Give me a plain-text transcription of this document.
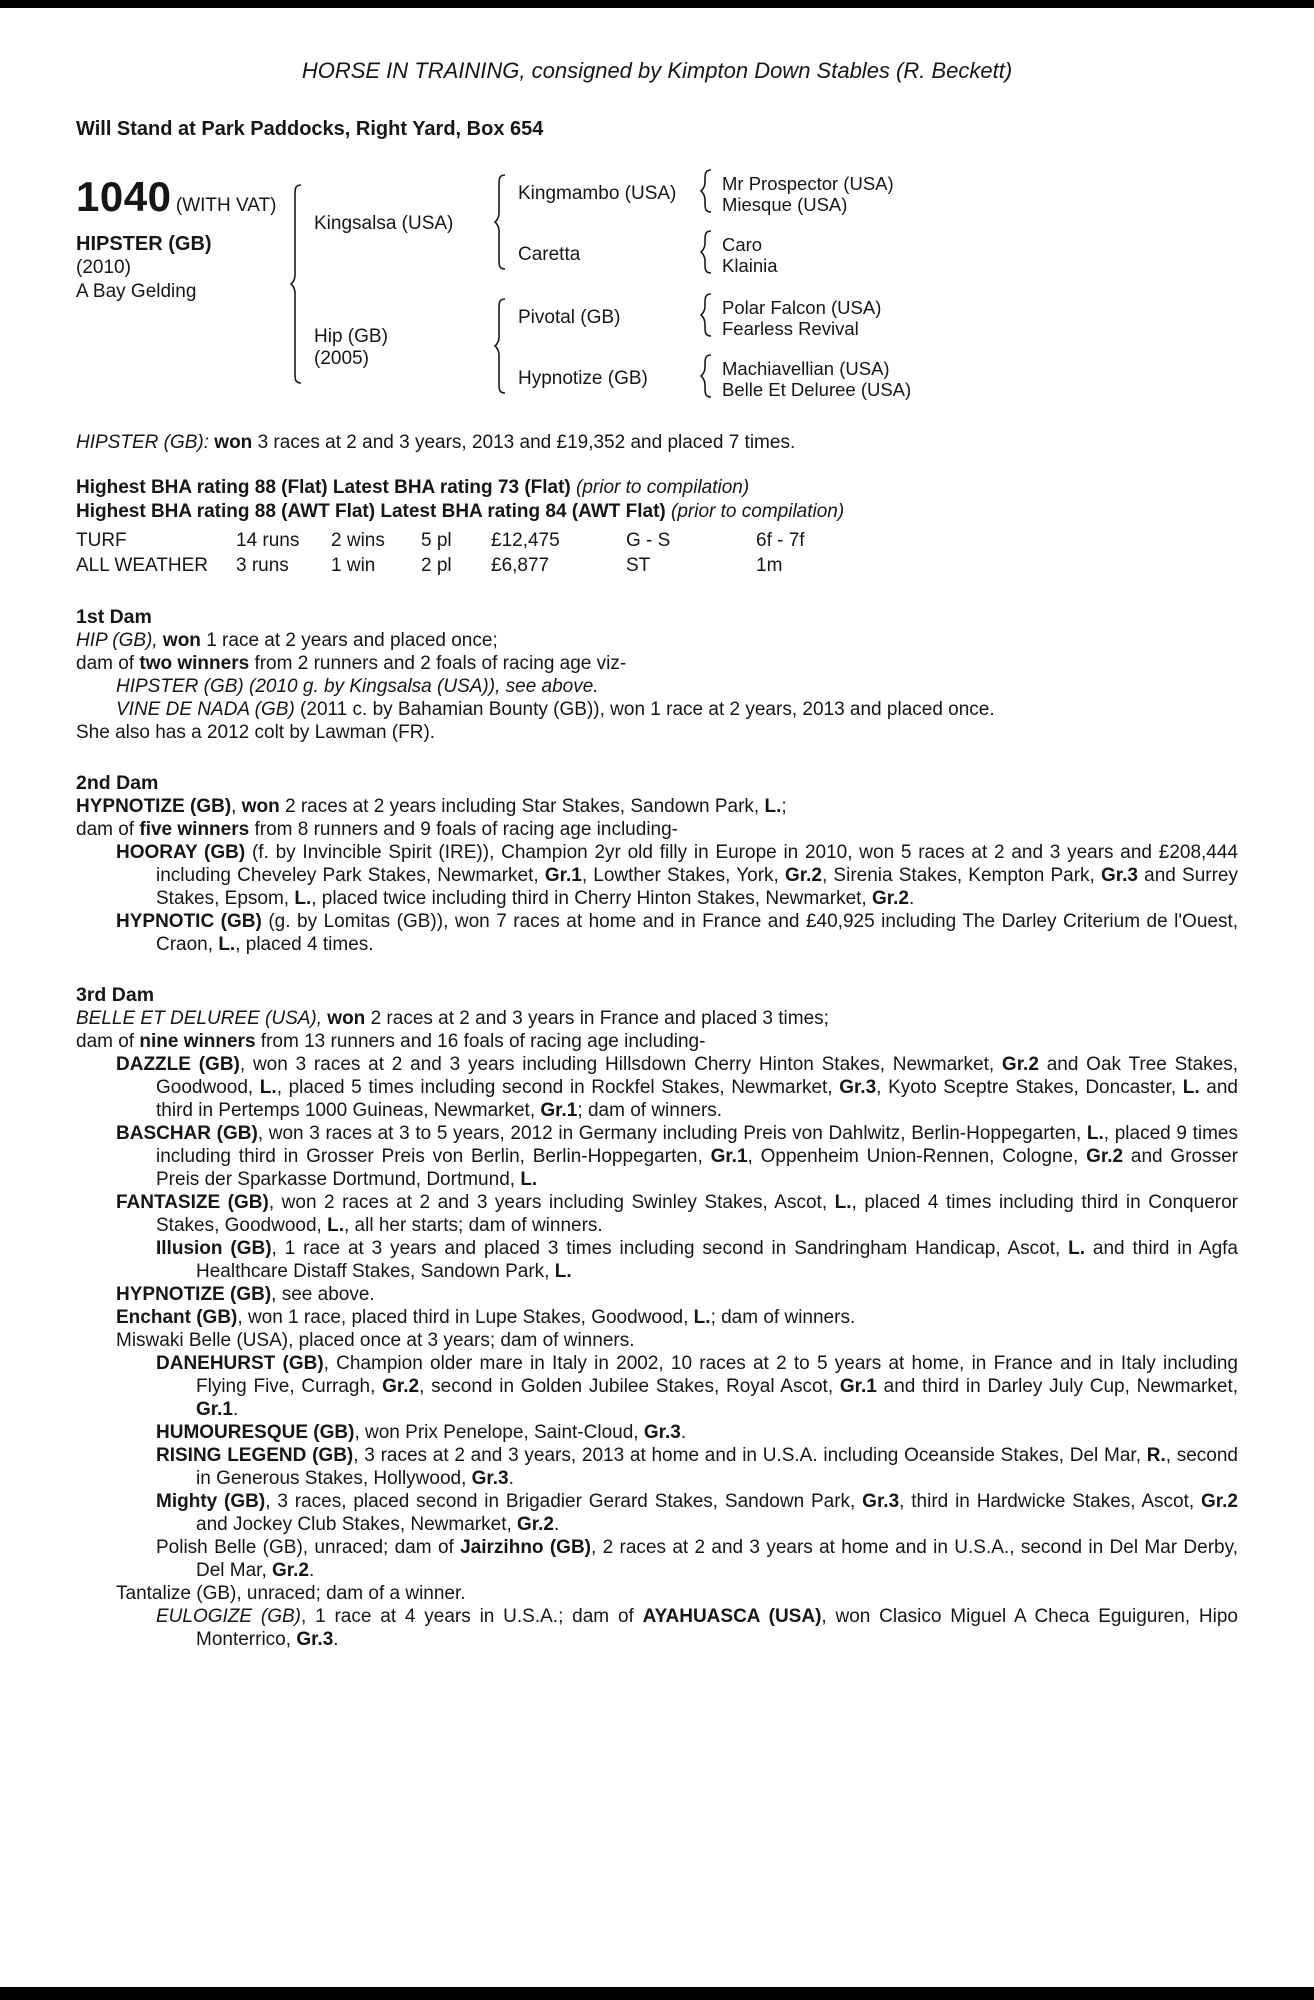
HORSE IN TRAINING, consigned by Kimpton Down Stables (R. Beckett)
Will Stand at Park Paddocks, Right Yard, Box 654
1040 (WITH VAT)
HIPSTER (GB)
(2010)
A Bay Gelding
Kingsalsa (USA)
Kingmambo (USA)	Mr Prospector (USA)
Miesque (USA)
Caretta	Caro
Klainia
Hip (GB)
(2005)
Pivotal (GB)	Polar Falcon (USA)
Fearless Revival
Hypnotize (GB)	Machiavellian (USA)
Belle Et Deluree (USA)

HIPSTER (GB): won 3 races at 2 and 3 years, 2013 and £19,352 and placed 7 times.

Highest BHA rating 88 (Flat) Latest BHA rating 73 (Flat) (prior to compilation)

Highest BHA rating 88 (AWT Flat) Latest BHA rating 84 (AWT Flat) (prior to compilation)

TURF	14 runs	2 wins	5 pl	£12,475	G - S	6f - 7f
ALL WEATHER	3 runs	1 win	2 pl	£6,877	ST	1m
1st Dam

HIP (GB), won 1 race at 2 years and placed once;

dam of two winners from 2 runners and 2 foals of racing age viz-

HIPSTER (GB) (2010 g. by Kingsalsa (USA)), see above.

VINE DE NADA (GB) (2011 c. by Bahamian Bounty (GB)), won 1 race at 2 years, 2013 and placed once.

She also has a 2012 colt by Lawman (FR).

2nd Dam

HYPNOTIZE (GB), won 2 races at 2 years including Star Stakes, Sandown Park, L.;

dam of five winners from 8 runners and 9 foals of racing age including-

HOORAY (GB) (f. by Invincible Spirit (IRE)), Champion 2yr old filly in Europe in 2010, won 5 races at 2 and 3 years and £208,444 including Cheveley Park Stakes, Newmarket, Gr.1, Lowther Stakes, York, Gr.2, Sirenia Stakes, Kempton Park, Gr.3 and Surrey Stakes, Epsom, L., placed twice including third in Cherry Hinton Stakes, Newmarket, Gr.2.

HYPNOTIC (GB) (g. by Lomitas (GB)), won 7 races at home and in France and £40,925 including The Darley Criterium de l'Ouest, Craon, L., placed 4 times.

3rd Dam

BELLE ET DELUREE (USA), won 2 races at 2 and 3 years in France and placed 3 times;

dam of nine winners from 13 runners and 16 foals of racing age including-

DAZZLE (GB), won 3 races at 2 and 3 years including Hillsdown Cherry Hinton Stakes, Newmarket, Gr.2 and Oak Tree Stakes, Goodwood, L., placed 5 times including second in Rockfel Stakes, Newmarket, Gr.3, Kyoto Sceptre Stakes, Doncaster, L. and third in Pertemps 1000 Guineas, Newmarket, Gr.1; dam of winners.

BASCHAR (GB), won 3 races at 3 to 5 years, 2012 in Germany including Preis von Dahlwitz, Berlin-Hoppegarten, L., placed 9 times including third in Grosser Preis von Berlin, Berlin-Hoppegarten, Gr.1, Oppenheim Union-Rennen, Cologne, Gr.2 and Grosser Preis der Sparkasse Dortmund, Dortmund, L.

FANTASIZE (GB), won 2 races at 2 and 3 years including Swinley Stakes, Ascot, L., placed 4 times including third in Conqueror Stakes, Goodwood, L., all her starts; dam of winners.

Illusion (GB), 1 race at 3 years and placed 3 times including second in Sandringham Handicap, Ascot, L. and third in Agfa Healthcare Distaff Stakes, Sandown Park, L.

HYPNOTIZE (GB), see above.

Enchant (GB), won 1 race, placed third in Lupe Stakes, Goodwood, L.; dam of winners.

Miswaki Belle (USA), placed once at 3 years; dam of winners.

DANEHURST (GB), Champion older mare in Italy in 2002, 10 races at 2 to 5 years at home, in France and in Italy including Flying Five, Curragh, Gr.2, second in Golden Jubilee Stakes, Royal Ascot, Gr.1 and third in Darley July Cup, Newmarket, Gr.1.

HUMOURESQUE (GB), won Prix Penelope, Saint-Cloud, Gr.3.

RISING LEGEND (GB), 3 races at 2 and 3 years, 2013 at home and in U.S.A. including Oceanside Stakes, Del Mar, R., second in Generous Stakes, Hollywood, Gr.3.

Mighty (GB), 3 races, placed second in Brigadier Gerard Stakes, Sandown Park, Gr.3, third in Hardwicke Stakes, Ascot, Gr.2 and Jockey Club Stakes, Newmarket, Gr.2.

Polish Belle (GB), unraced; dam of Jairzihno (GB), 2 races at 2 and 3 years at home and in U.S.A., second in Del Mar Derby, Del Mar, Gr.2.

Tantalize (GB), unraced; dam of a winner.

EULOGIZE (GB), 1 race at 4 years in U.S.A.; dam of AYAHUASCA (USA), won Clasico Miguel A Checa Eguiguren, Hipo Monterrico, Gr.3.
